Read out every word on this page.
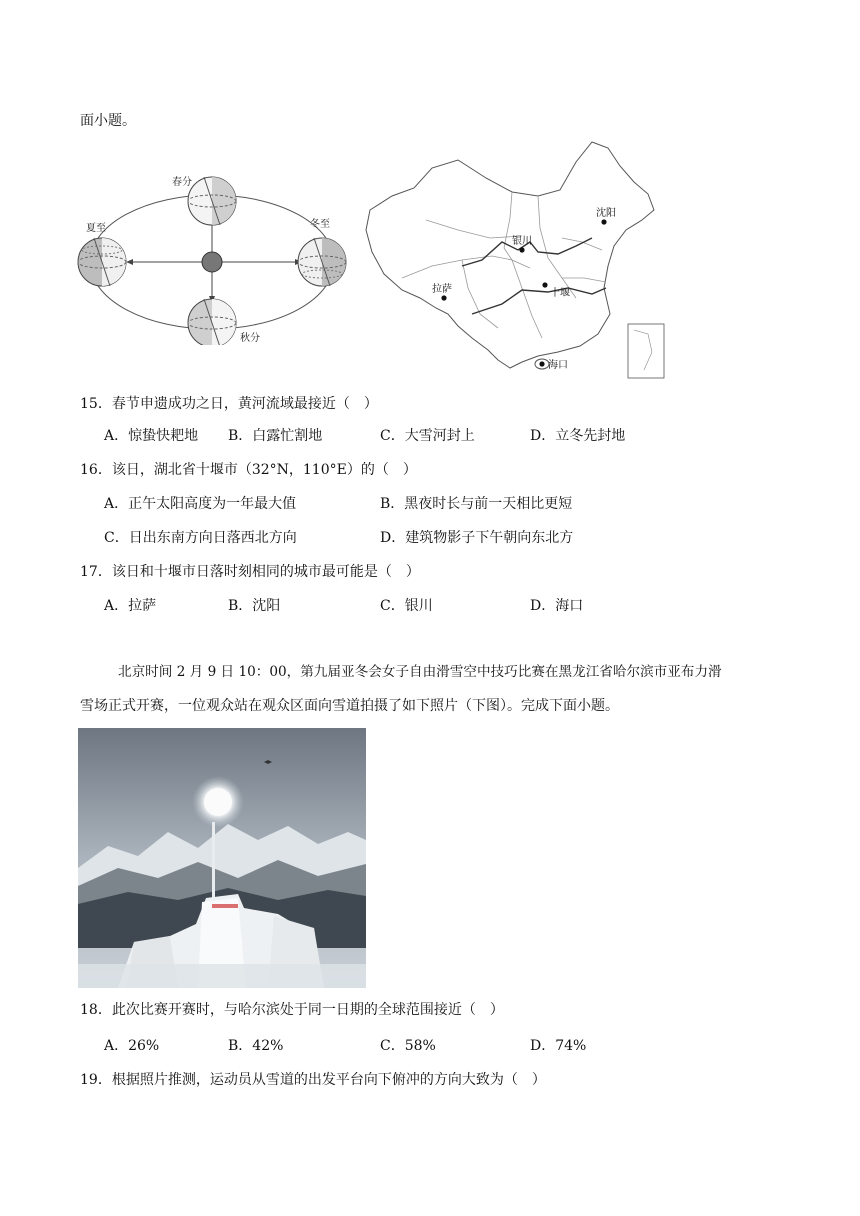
面小题。
春分
夏至	冬至
秋分
沈阳
银川
拉萨	十堰
海口
15．春节申遗成功之日，黄河流域最接近（　）
A．惊蛰快耙地 B．白露忙割地	C．大雪河封上	D．立冬先封地
16．该日，湖北省十堰市（32°N，110°E）的（　）
A．正午太阳高度为一年最大值	B．黑夜时长与前一天相比更短
C．日出东南方向日落西北方向	D．建筑物影子下午朝向东北方
17．该日和十堰市日落时刻相同的城市最可能是（　）
A．拉萨	B．沈阳	C．银川	D．海口
北京时间 2 月 9 日 10：00，第九届亚冬会女子自由滑雪空中技巧比赛在黑龙江省哈尔滨市亚布力滑
雪场正式开赛，一位观众站在观众区面向雪道拍摄了如下照片（下图）。完成下面小题。
18．此次比赛开赛时，与哈尔滨处于同一日期的全球范围接近（　）
A．26%	B．42%	C．58%	D．74%
19．根据照片推测，运动员从雪道的出发平台向下俯冲的方向大致为（　）
